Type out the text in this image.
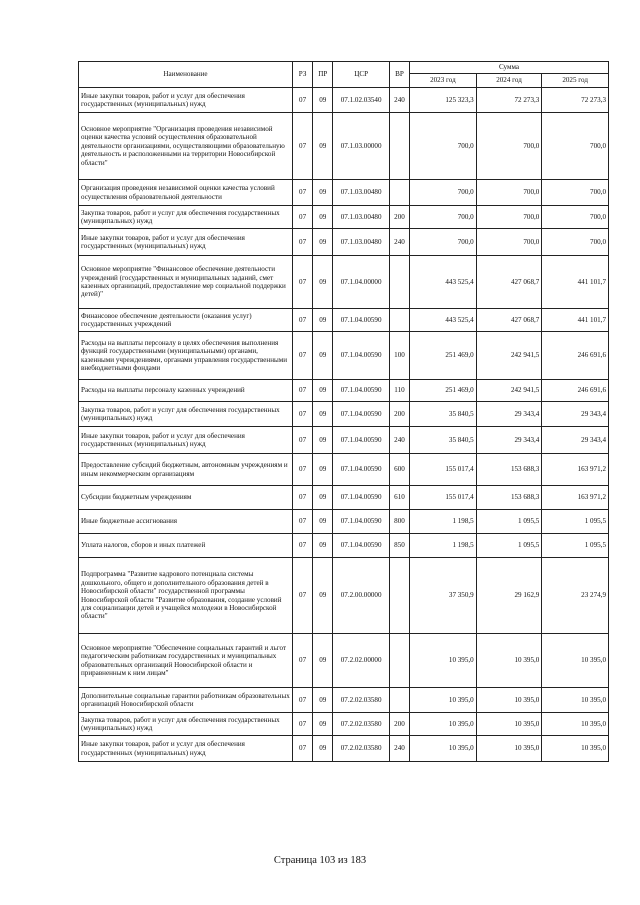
Наименование	РЗ	ПР	ЦСР	ВР	Сумма		
					2023 год	2024 год	2025 год
Иные закупки товаров, работ и услуг для обеспечения государственных (муниципальных) нужд	07	09	07.1.02.03540	240	125 323,3	72 273,3	72 273,3
Основное мероприятие "Организация проведения независимой оценки качества условий осуществления образовательной деятельности организациями, осуществляющими образовательную деятельность и расположенными на территории Новосибирской области"	07	09	07.1.03.00000		700,0	700,0	700,0
Организация проведения независимой оценки качества условий осуществления образовательной деятельности	07	09	07.1.03.00480		700,0	700,0	700,0
Закупка товаров, работ и услуг для обеспечения государственных (муниципальных) нужд	07	09	07.1.03.00480	200	700,0	700,0	700,0
Иные закупки товаров, работ и услуг для обеспечения государственных (муниципальных) нужд	07	09	07.1.03.00480	240	700,0	700,0	700,0
Основное мероприятие "Финансовое обеспечение деятельности учреждений (государственных и муниципальных заданий, смет казенных организаций, предоставление мер социальной поддержки детей)"	07	09	07.1.04.00000		443 525,4	427 068,7	441 101,7
Финансовое обеспечение деятельности (оказания услуг) государственных учреждений	07	09	07.1.04.00590		443 525,4	427 068,7	441 101,7
Расходы на выплаты персоналу в целях обеспечения выполнения функций государственными (муниципальными) органами, казенными учреждениями, органами управления государственными внебюджетными фондами	07	09	07.1.04.00590	100	251 469,0	242 941,5	246 691,6
Расходы на выплаты персоналу казенных учреждений	07	09	07.1.04.00590	110	251 469,0	242 941,5	246 691,6
Закупка товаров, работ и услуг для обеспечения государственных (муниципальных) нужд	07	09	07.1.04.00590	200	35 840,5	29 343,4	29 343,4
Иные закупки товаров, работ и услуг для обеспечения государственных (муниципальных) нужд	07	09	07.1.04.00590	240	35 840,5	29 343,4	29 343,4
Предоставление субсидий бюджетным, автономным учреждениям и иным некоммерческим организациям	07	09	07.1.04.00590	600	155 017,4	153 688,3	163 971,2
Субсидии бюджетным учреждениям	07	09	07.1.04.00590	610	155 017,4	153 688,3	163 971,2
Иные бюджетные ассигнования	07	09	07.1.04.00590	800	1 198,5	1 095,5	1 095,5
Уплата налогов, сборов и иных платежей	07	09	07.1.04.00590	850	1 198,5	1 095,5	1 095,5
Подпрограмма "Развитие кадрового потенциала системы дошкольного, общего и дополнительного образования детей в Новосибирской области" государственной программы Новосибирской области "Развитие образования, создание условий для социализации детей и учащейся молодежи в Новосибирской области"	07	09	07.2.00.00000		37 350,9	29 162,9	23 274,9
Основное мероприятие "Обеспечение социальных гарантий и льгот педагогическим работникам государственных и муниципальных образовательных организаций Новосибирской области и приравненным к ним лицам"	07	09	07.2.02.00000		10 395,0	10 395,0	10 395,0
Дополнительные социальные гарантии работникам образовательных организаций Новосибирской области	07	09	07.2.02.03580		10 395,0	10 395,0	10 395,0
Закупка товаров, работ и услуг для обеспечения государственных (муниципальных) нужд	07	09	07.2.02.03580	200	10 395,0	10 395,0	10 395,0
Иные закупки товаров, работ и услуг для обеспечения государственных (муниципальных) нужд	07	09	07.2.02.03580	240	10 395,0	10 395,0	10 395,0
Страница 103 из 183
